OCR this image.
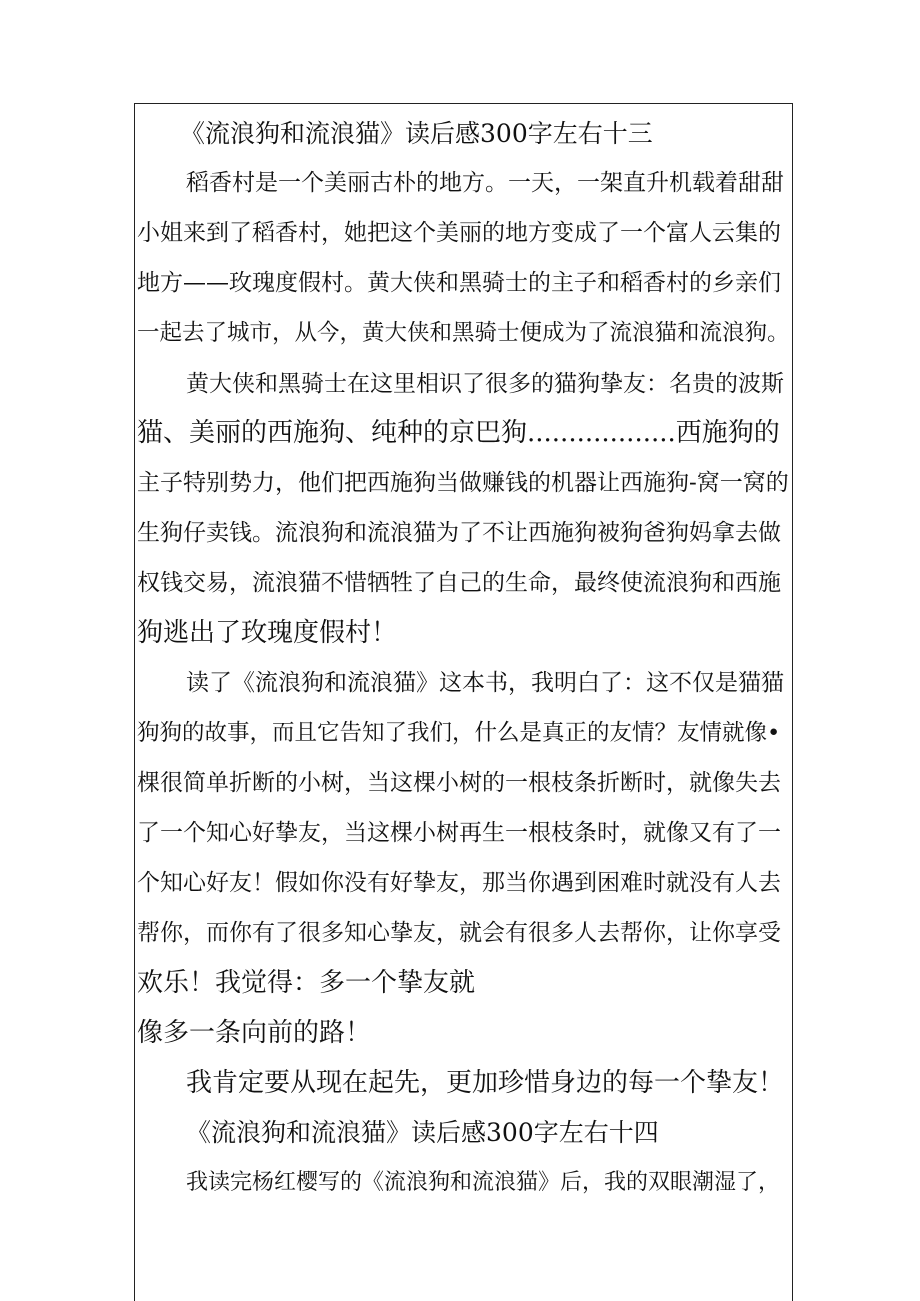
《流浪狗和流浪猫》读后感300字左右十三
稻香村是一个美丽古朴的地方。一天，一架直升机载着甜甜
小姐来到了稻香村，她把这个美丽的地方变成了一个富人云集的
地方——玫瑰度假村。黄大侠和黑骑士的主子和稻香村的乡亲们
一起去了城市，从今，黄大侠和黑骑士便成为了流浪猫和流浪狗。
黄大侠和黑骑士在这里相识了很多的猫狗挚友：名贵的波斯
猫、美丽的西施狗、纯种的京巴狗..................西施狗的
主子特别势力，他们把西施狗当做赚钱的机器让西施狗-窝一窝的
生狗仔卖钱。流浪狗和流浪猫为了不让西施狗被狗爸狗妈拿去做
权钱交易，流浪猫不惜牺牲了自己的生命，最终使流浪狗和西施
狗逃出了玫瑰度假村！
读了《流浪狗和流浪猫》这本书，我明白了：这不仅是猫猫
狗狗的故事，而且它告知了我们，什么是真正的友情？友情就像•
棵很简单折断的小树，当这棵小树的一根枝条折断时，就像失去
了一个知心好挚友，当这棵小树再生一根枝条时，就像又有了一
个知心好友！假如你没有好挚友，那当你遇到困难时就没有人去
帮你，而你有了很多知心挚友，就会有很多人去帮你，让你享受
欢乐！我觉得：多一个挚友就
像多一条向前的路！
我肯定要从现在起先，更加珍惜身边的每一个挚友！
《流浪狗和流浪猫》读后感300字左右十四
我读完杨红樱写的《流浪狗和流浪猫》后，我的双眼潮湿了，
